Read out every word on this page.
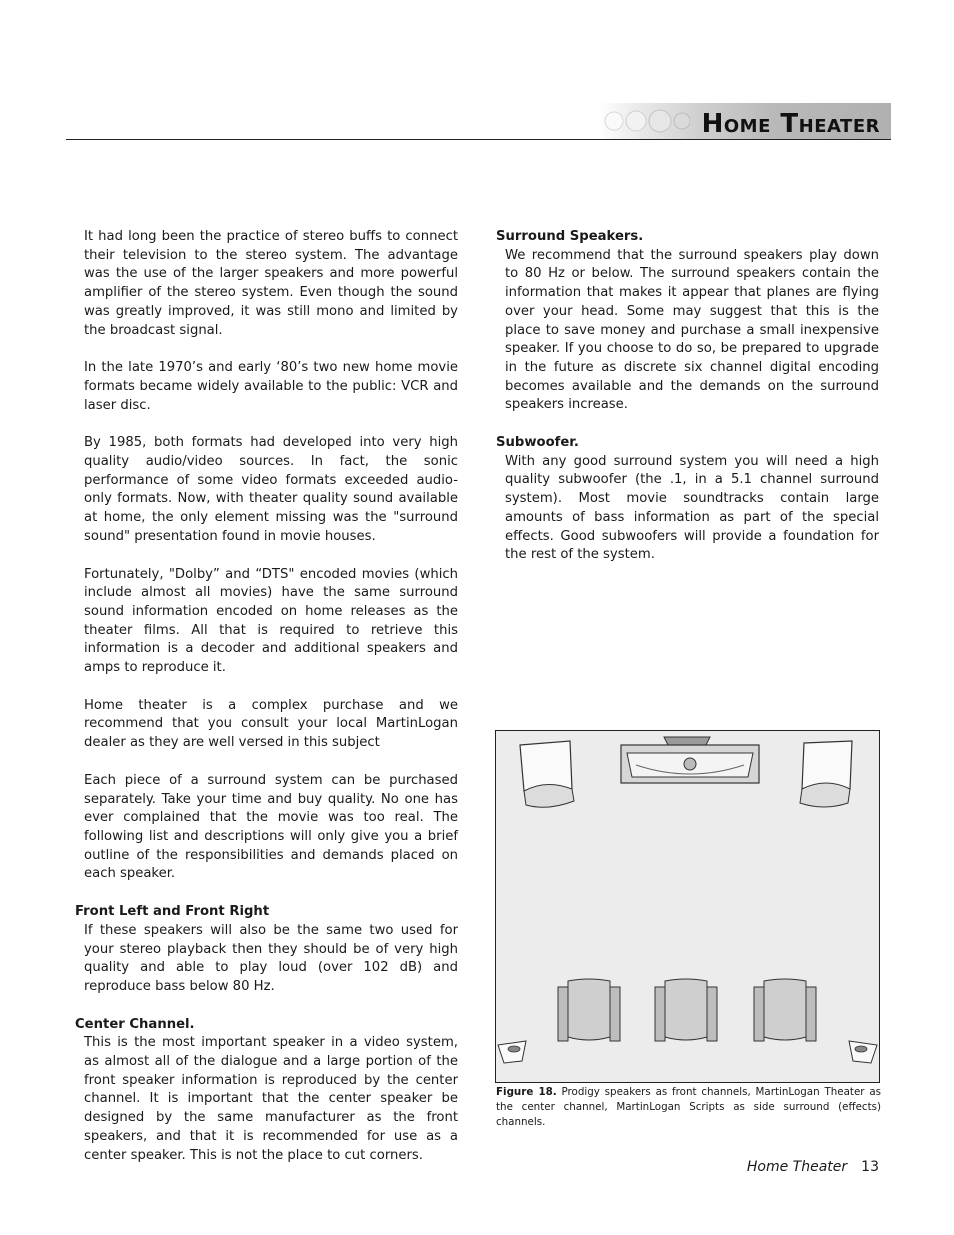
Home Theater

It had long been the practice of stereo buffs to connect their television to the stereo system. The advantage was the use of the larger speakers and more powerful amplifier of the stereo system. Even though the sound was greatly improved, it was still mono and limited by the broadcast signal.

In the late 1970’s and early ‘80’s two new home movie formats became widely available to the public: VCR and laser disc.

By 1985, both formats had developed into very high quality audio/video sources. In fact, the sonic performance of some video formats exceeded audio-only formats. Now, with theater quality sound available at home, the only element missing was the "surround sound" presentation found in movie houses.

Fortunately, "Dolby” and “DTS" encoded movies (which include almost all movies) have the same surround sound information encoded on home releases as the theater films. All that is required to retrieve this information is a decoder and additional speakers and amps to reproduce it.

Home theater is a complex purchase and we recommend that you consult your local MartinLogan dealer as they are well versed in this subject

Each piece of a surround system can be purchased separately. Take your time and buy quality. No one has ever complained that the movie was too real. The following list and descriptions will only give you a brief outline of the responsibilities and demands placed on each speaker.

Front Left and Front Right

If these speakers will also be the same two used for your stereo playback then they should be of very high quality and able to play loud (over 102 dB) and reproduce bass below 80 Hz.

Center Channel.

This is the most important speaker in a video system, as almost all of the dialogue and a large portion of the front speaker information is reproduced by the center channel. It is important that the center speaker be designed by the same manufacturer as the front speakers, and that it is recommended for use as a center speaker. This is not the place to cut corners.

Surround Speakers.

We recommend that the surround speakers play down to 80 Hz or below. The surround speakers contain the information that makes it appear that planes are flying over your head. Some may suggest that this is the place to save money and purchase a small inexpensive speaker. If you choose to do so, be prepared to upgrade in the future as discrete six channel digital encoding becomes available and the demands on the surround speakers increase.

Subwoofer.

With any good surround system you will need a high quality subwoofer (the .1, in a 5.1 channel surround system). Most movie soundtracks contain large amounts of bass information as part of the special effects. Good subwoofers will provide a foundation for the rest of the system.

Figure 18. Prodigy speakers as front channels, MartinLogan Theater as the center channel, MartinLogan Scripts as side surround (effects) channels.
Home Theater 13
